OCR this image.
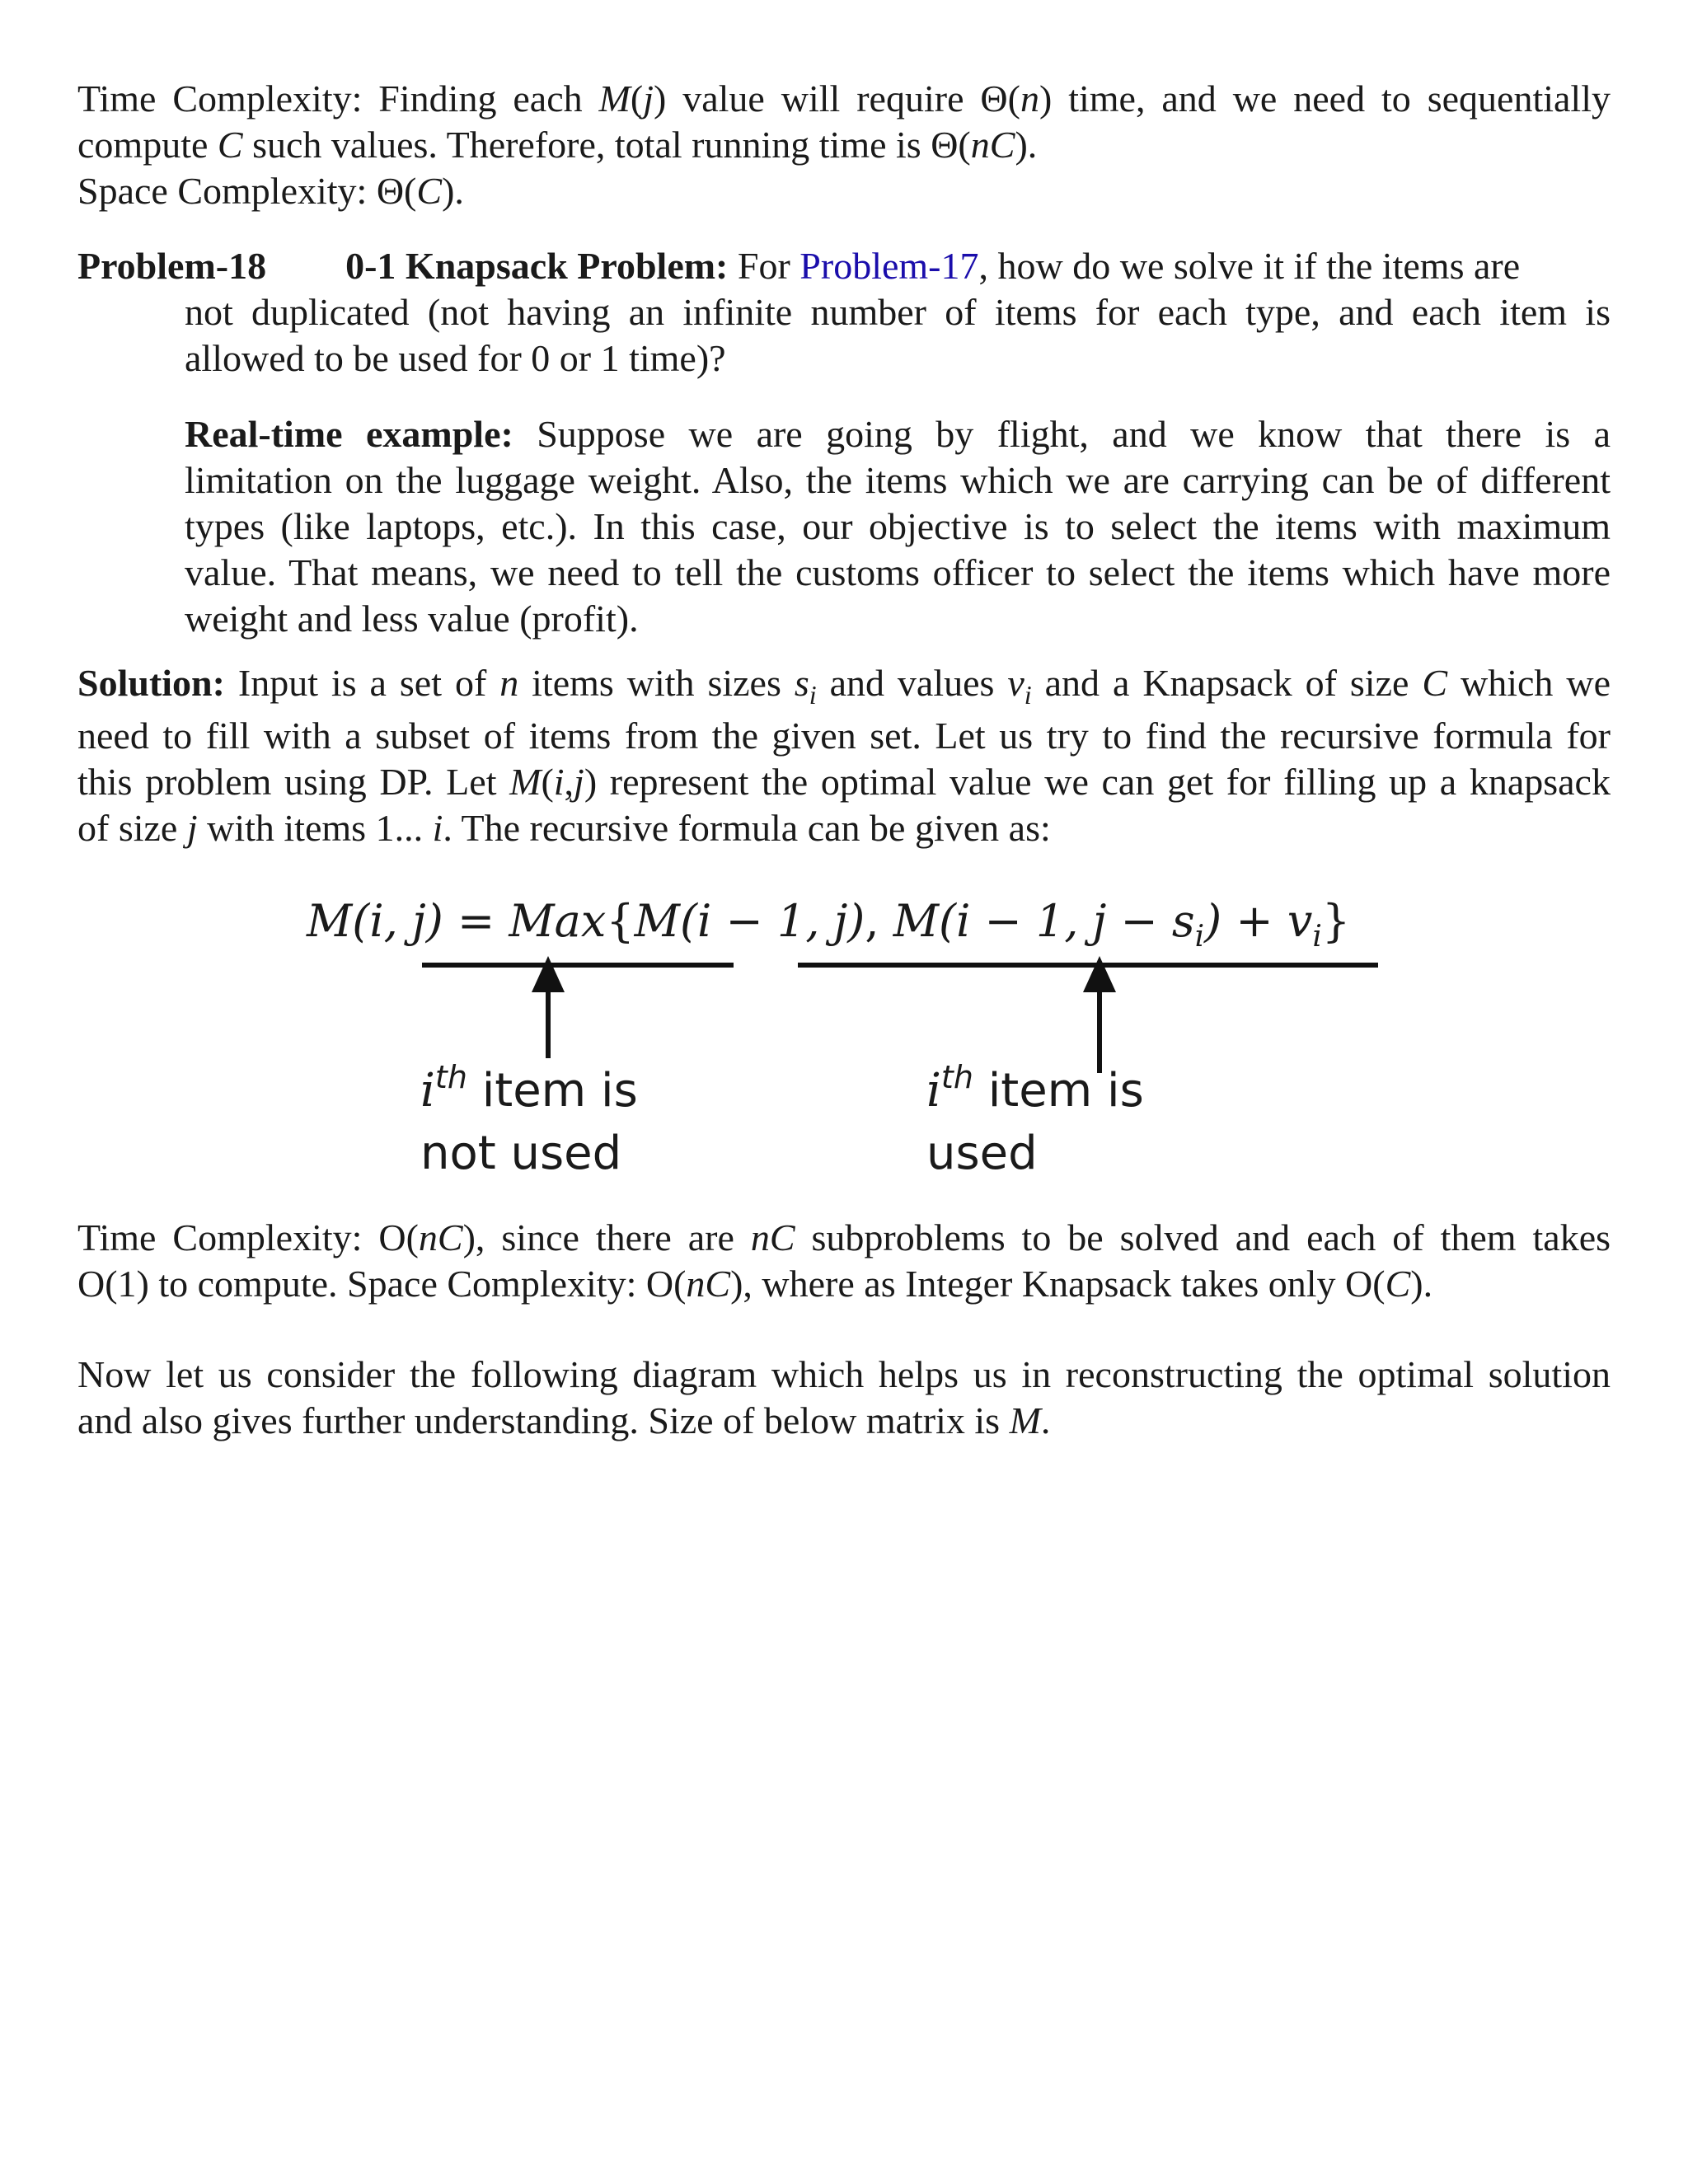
Time Complexity: Finding each M(j) value will require Θ(n) time, and we need to sequentially
compute C such values. Therefore, total running time is Θ(nC).
Space Complexity: Θ(C).
Problem-18 0-1 Knapsack Problem: For Problem-17, how do we solve it if the items are
not duplicated (not having an infinite number of items for each type, and each item is
allowed to be used for 0 or 1 time)?
Real-time example: Suppose we are going by flight, and we know that there is a
limitation on the luggage weight. Also, the items which we are carrying can be of different
types (like laptops, etc.). In this case, our objective is to select the items with maximum
value. That means, we need to tell the customs officer to select the items which have more
weight and less value (profit).
Solution: Input is a set of n items with sizes $s_i$ and values $v_i$ and a Knapsack of size C which we
need to fill with a subset of items from the given set. Let us try to find the recursive formula for
this problem using DP. Let M(i,j) represent the optimal value we can get for filling up a knapsack
of size j with items 1... i. The recursive formula can be given as:
M(i, j) = Max{M(i − 1, j), M(i − 1, $j - s_i) + v_i$}
$i^{th}$ item is
not used
$i^{th}$ item is
used
Time Complexity: O(nC), since there are nC subproblems to be solved and each of them takes
O(1) to compute. Space Complexity: O(nC), where as Integer Knapsack takes only O(C).
Now let us consider the following diagram which helps us in reconstructing the optimal solution
and also gives further understanding. Size of below matrix is M.
